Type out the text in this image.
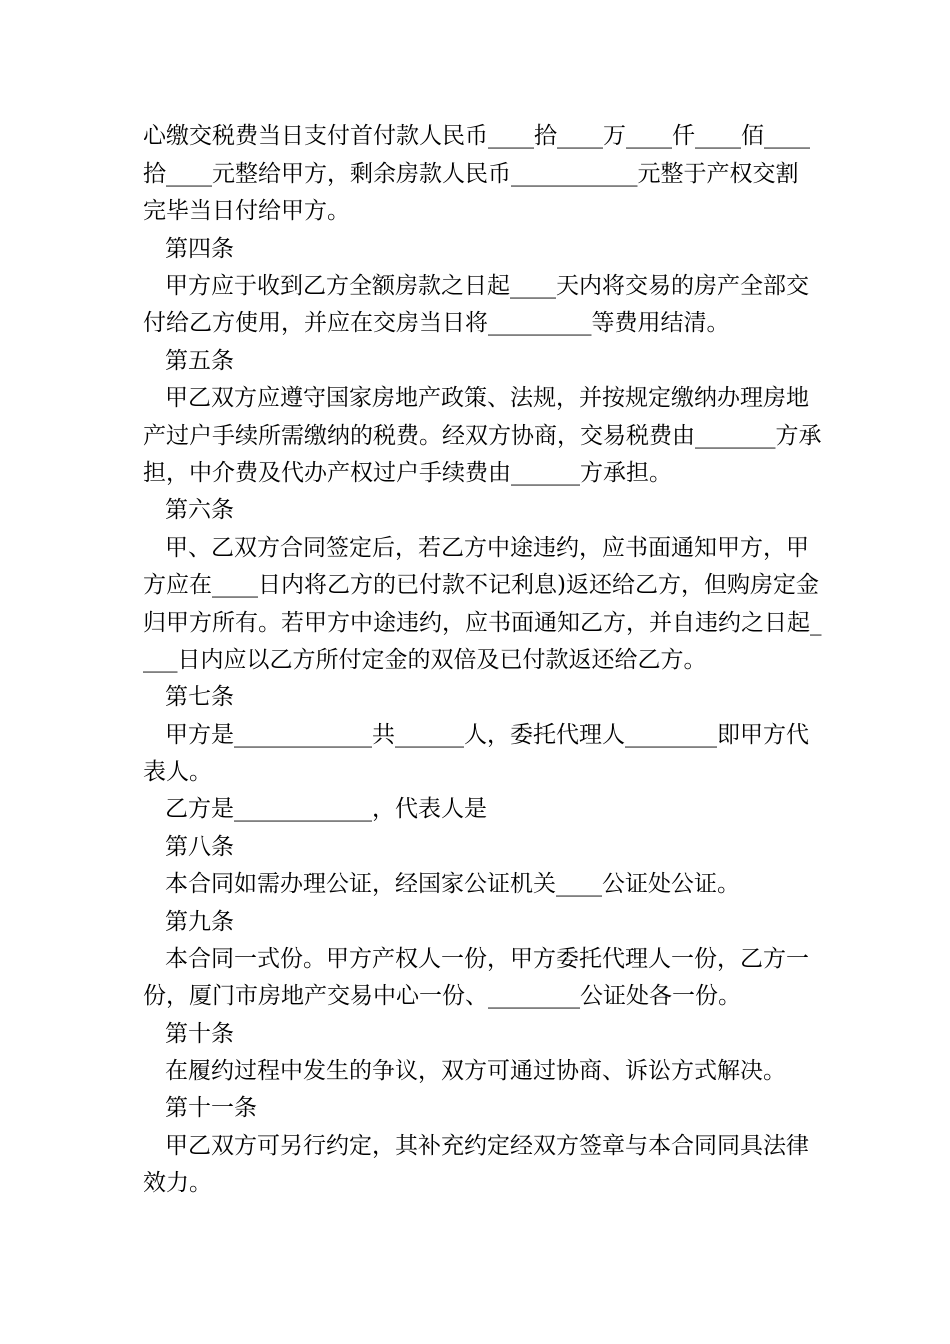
心缴交税费当日支付首付款人民币____拾____万____仟____佰____
拾____元整给甲方，剩余房款人民币___________元整于产权交割
完毕当日付给甲方。
第四条
甲方应于收到乙方全额房款之日起____天内将交易的房产全部交
付给乙方使用，并应在交房当日将_________等费用结清。
第五条
甲乙双方应遵守国家房地产政策、法规，并按规定缴纳办理房地
产过户手续所需缴纳的税费。经双方协商，交易税费由_______方承
担，中介费及代办产权过户手续费由______方承担。
第六条
甲、乙双方合同签定后，若乙方中途违约，应书面通知甲方，甲
方应在____日内将乙方的已付款不记利息)返还给乙方，但购房定金
归甲方所有。若甲方中途违约，应书面通知乙方，并自违约之日起_
___日内应以乙方所付定金的双倍及已付款返还给乙方。
第七条
甲方是____________共______人，委托代理人________即甲方代
表人。
乙方是____________，代表人是
第八条
本合同如需办理公证，经国家公证机关____公证处公证。
第九条
本合同一式份。甲方产权人一份，甲方委托代理人一份，乙方一
份，厦门市房地产交易中心一份、________公证处各一份。
第十条
在履约过程中发生的争议，双方可通过协商、诉讼方式解决。
第十一条
甲乙双方可另行约定，其补充约定经双方签章与本合同同具法律
效力。
